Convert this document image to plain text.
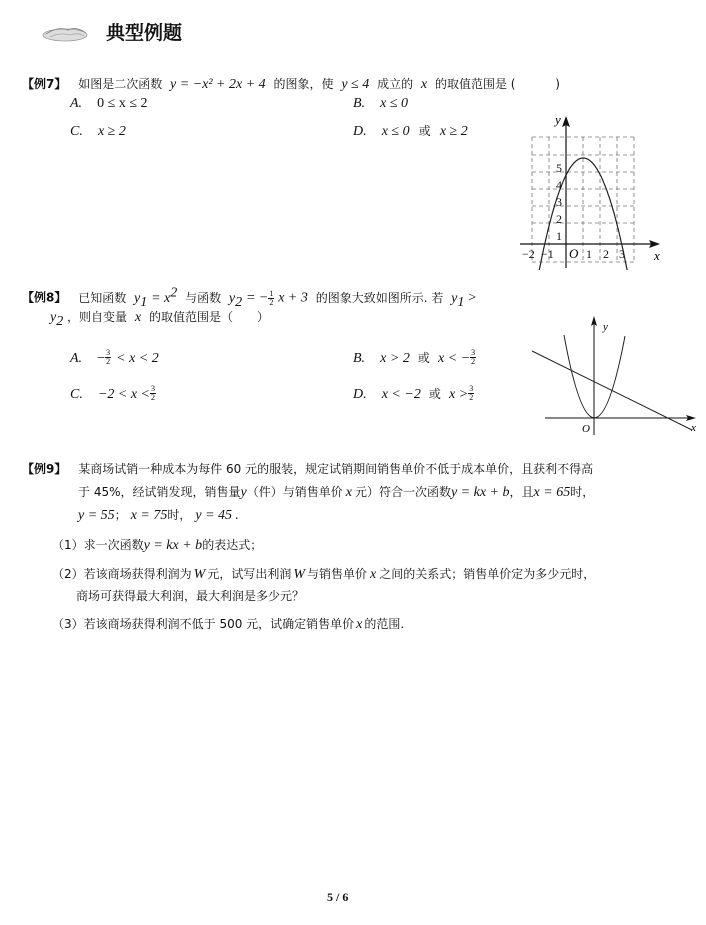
典型例题
【例7】 如图是二次函数 y = −x² + 2x + 4 的图象，使 y ≤ 4 成立的 x 的取值范围是 (	)
A. 0 ≤ x ≤ 2	B. x ≤ 0
C. x ≥ 2	D. x ≤ 0 或 x ≥ 2
y
x
O
−2 −1	1 2 3
1
2
3
4
5
【例8】 已知函数 $y_1 = x^2$ 与函数 $y_2$ = − $\frac{1}{2}$ x + 3 的图象大致如图所示. 若 $y_1$ >
$y_2$ ，则自变量 x 的取值范围是（　　）
A. − $\frac{3}{2} < x < 2$	B. x > 2 或 x < − $\frac{3}{2}$
C. $-2 < x < \frac{3}{2}$	D. x < −2 或 $x > \frac{3}{2}$
y
x
O
【例9】 某商场试销一种成本为每件 60 元的服装，规定试销期间销售单价不低于成本单价，且获利不得高
于 45%，经试销发现，销售量y（件）与销售单价 x 元）符合一次函数y = kx + b，且x = 65时，
y = 55； x = 75时， y = 45 .
（1）求一次函数y = kx + b的表达式；
（2）若该商场获得利润为 W 元，试写出利润 W 与销售单价 x 之间的关系式；销售单价定为多少元时，
商场可获得最大利润，最大利润是多少元？
（3）若该商场获得利润不低于 500 元，试确定销售单价 x 的范围.
5 / 6
